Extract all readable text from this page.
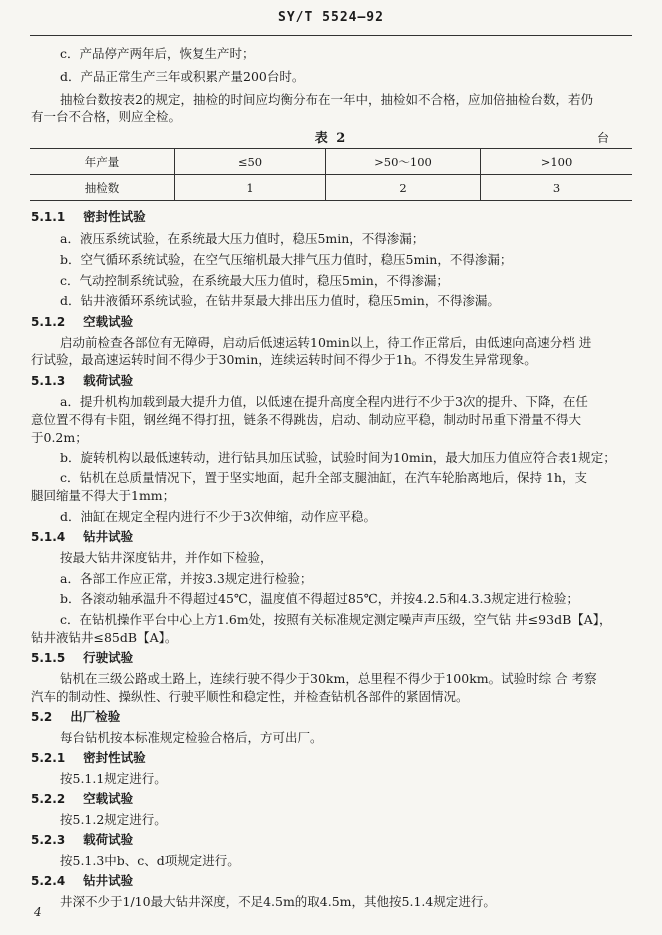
SY/T 5524—92
c．产品停产两年后，恢复生产时；
d．产品正常生产三年或积累产量200台时。
抽检台数按表2的规定，抽检的时间应均衡分布在一年中，抽检如不合格，应加倍抽检台数，若仍
有一台不合格，则应全检。
表 2	台
年产量	≤50	>50～100	>100
抽检数	1	2	3
5.1.1 密封性试验
a．液压系统试验，在系统最大压力值时，稳压5min，不得渗漏；
b．空气循环系统试验，在空气压缩机最大排气压力值时，稳压5min，不得渗漏；
c．气动控制系统试验，在系统最大压力值时，稳压5min，不得渗漏；
d．钻井液循环系统试验，在钻井泵最大排出压力值时，稳压5min，不得渗漏。
5.1.2 空载试验
启动前检查各部位有无障碍，启动后低速运转10min以上，待工作正常后，由低速向高速分档 进
行试验，最高速运转时间不得少于30min，连续运转时间不得少于1h。不得发生异常现象。
5.1.3 载荷试验
a．提升机构加载到最大提升力值，以低速在提升高度全程内进行不少于3次的提升、下降，在任
意位置不得有卡阻，钢丝绳不得打扭，链条不得跳齿，启动、制动应平稳，制动时吊重下滑量不得大
于0.2m；
b．旋转机构以最低速转动，进行钻具加压试验，试验时间为10min，最大加压力值应符合表1规定；
c．钻机在总质量情况下，置于坚实地面，起升全部支腿油缸，在汽车轮胎离地后，保持 1h，支
腿回缩量不得大于1mm；
d．油缸在规定全程内进行不少于3次伸缩，动作应平稳。
5.1.4 钻井试验
按最大钻井深度钻井，并作如下检验，
a．各部工作应正常，并按3.3规定进行检验；
b．各滚动轴承温升不得超过45℃，温度值不得超过85℃，并按4.2.5和4.3.3规定进行检验；
c．在钻机操作平台中心上方1.6m处，按照有关标准规定测定噪声声压级，空气钻 井≤93dB【A】，
钻井液钻井≤85dB【A】。
5.1.5 行驶试验
钻机在三级公路或土路上，连续行驶不得少于30km，总里程不得少于100km。试验时综 合 考察
汽车的制动性、操纵性、行驶平顺性和稳定性，并检查钻机各部件的紧固情况。
5.2 出厂检验
每台钻机按本标准规定检验合格后，方可出厂。
5.2.1 密封性试验
按5.1.1规定进行。
5.2.2 空载试验
按5.1.2规定进行。
5.2.3 载荷试验
按5.1.3中b、c、d项规定进行。
5.2.4 钻井试验
井深不少于1/10最大钻井深度，不足4.5m的取4.5m，其他按5.1.4规定进行。
4
